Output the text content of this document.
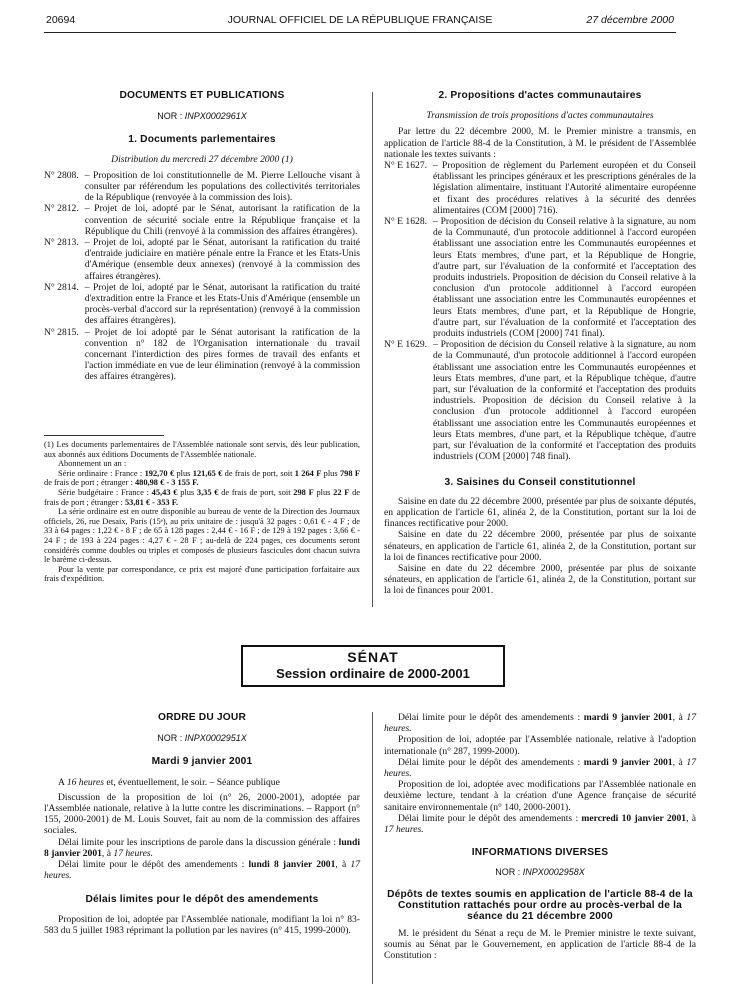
20694	JOURNAL OFFICIEL DE LA RÉPUBLIQUE FRANÇAISE	27 décembre 2000

DOCUMENTS ET PUBLICATIONS

NOR : INPX0002961X

1. Documents parlementaires

Distribution du mercredi 27 décembre 2000 (1)

N° 2808. – Proposition de loi constitutionnelle de M. Pierre Lellouche visant à consulter par référendum les populations des collectivités territoriales de la République (renvoyée à la commission des lois).
N° 2812. – Projet de loi, adopté par le Sénat, autorisant la ratification de la convention de sécurité sociale entre la République française et la République du Chili (renvoyé à la commission des affaires étrangères).
N° 2813. – Projet de loi, adopté par le Sénat, autorisant la ratification du traité d'entraide judiciaire en matière pénale entre la France et les Etats-Unis d'Amérique (ensemble deux annexes) (renvoyé à la commission des affaires étrangères).
N° 2814. – Projet de loi, adopté par le Sénat, autorisant la ratification du traité d'extradition entre la France et les Etats-Unis d'Amérique (ensemble un procès-verbal d'accord sur la représentation) (renvoyé à la commission des affaires étrangères).
N° 2815. – Projet de loi adopté par le Sénat autorisant la ratification de la convention n° 182 de l'Organisation internationale du travail concernant l'interdiction des pires formes de travail des enfants et l'action immédiate en vue de leur élimination (renvoyé à la commission des affaires étrangères).

(1) Les documents parlementaires de l'Assemblée nationale sont servis, dès leur publication, aux abonnés aux éditions Documents de l'Assemblée nationale.

Abonnement un an :

Série ordinaire : France : 192,70 € plus 121,65 € de frais de port, soit 1 264 F plus 798 F de frais de port ; étranger : 480,98 € - 3 155 F.

Série budgétaire : France : 45,43 € plus 3,35 € de frais de port, soit 298 F plus 22 F de frais de port ; étranger : 53,81 € - 353 F.

La série ordinaire est en outre disponible au bureau de vente de la Direction des Journaux officiels, 26, rue Desaix, Paris (15ᵉ), au prix unitaire de : jusqu'à 32 pages : 0,61 € - 4 F ; de 33 à 64 pages : 1,22 € - 8 F ; de 65 à 128 pages : 2,44 € - 16 F ; de 129 à 192 pages : 3,66 € - 24 F ; de 193 à 224 pages : 4,27 € - 28 F ; au-delà de 224 pages, ces documents seront considérés comme doubles ou triples et composés de plusieurs fascicules dont chacun suivra le barème ci-dessus.

Pour la vente par correspondance, ce prix est majoré d'une participation forfaitaire aux frais d'expédition.

2. Propositions d'actes communautaires

Transmission de trois propositions d'actes communautaires

Par lettre du 22 décembre 2000, M. le Premier ministre a transmis, en application de l'article 88-4 de la Constitution, à M. le président de l'Assemblée nationale les textes suivants :

N° E 1627. – Proposition de règlement du Parlement européen et du Conseil établissant les principes généraux et les prescriptions générales de la législation alimentaire, instituant l'Autorité alimentaire européenne et fixant des procédures relatives à la sécurité des denrées alimentaires (COM [2000] 716).
N° E 1628. – Proposition de décision du Conseil relative à la signature, au nom de la Communauté, d'un protocole additionnel à l'accord européen établissant une association entre les Communautés européennes et leurs Etats membres, d'une part, et la République de Hongrie, d'autre part, sur l'évaluation de la conformité et l'acceptation des produits industriels. Proposition de décision du Conseil relative à la conclusion d'un protocole additionnel à l'accord européen établissant une association entre les Communautés européennes et leurs Etats membres, d'une part, et la République de Hongrie, d'autre part, sur l'évaluation de la conformité et l'acceptation des produits industriels (COM [2000] 741 final).
N° E 1629. – Proposition de décision du Conseil relative à la signature, au nom de la Communauté, d'un protocole additionnel à l'accord européen établissant une association entre les Communautés européennes et leurs Etats membres, d'une part, et la République tchèque, d'autre part, sur l'évaluation de la conformité et l'acceptation des produits industriels. Proposition de décision du Conseil relative à la conclusion d'un protocole additionnel à l'accord européen établissant une association entre les Communautés européennes et leurs Etats membres, d'une part, et la République tchèque, d'autre part, sur l'évaluation de la conformité et l'acceptation des produits industriels (COM [2000] 748 final).

3. Saisines du Conseil constitutionnel

Saisine en date du 22 décembre 2000, présentée par plus de soixante députés, en application de l'article 61, alinéa 2, de la Constitution, portant sur la loi de finances rectificative pour 2000.

Saisine en date du 22 décembre 2000, présentée par plus de soixante sénateurs, en application de l'article 61, alinéa 2, de la Constitution, portant sur la loi de finances rectificative pour 2000.

Saisine en date du 22 décembre 2000, présentée par plus de soixante sénateurs, en application de l'article 61, alinéa 2, de la Constitution, portant sur la loi de finances pour 2001.

SÉNAT
Session ordinaire de 2000-2001

ORDRE DU JOUR

NOR : INPX0002951X

Mardi 9 janvier 2001

A 16 heures et, éventuellement, le soir. – Séance publique

Discussion de la proposition de loi (n° 26, 2000-2001), adoptée par l'Assemblée nationale, relative à la lutte contre les discriminations. – Rapport (n° 155, 2000-2001) de M. Louis Souvet, fait au nom de la commission des affaires sociales.

Délai limite pour les inscriptions de parole dans la discussion générale : lundi 8 janvier 2001, à 17 heures.

Délai limite pour le dépôt des amendements : lundi 8 janvier 2001, à 17 heures.

Délais limites pour le dépôt des amendements

Proposition de loi, adoptée par l'Assemblée nationale, modifiant la loi n° 83-583 du 5 juillet 1983 réprimant la pollution par les navires (n° 415, 1999-2000).

Délai limite pour le dépôt des amendements : mardi 9 janvier 2001, à 17 heures.

Proposition de loi, adoptée par l'Assemblée nationale, relative à l'adoption internationale (n° 287, 1999-2000).

Délai limite pour le dépôt des amendements : mardi 9 janvier 2001, à 17 heures.

Proposition de loi, adoptée avec modifications par l'Assemblée nationale en deuxième lecture, tendant à la création d'une Agence française de sécurité sanitaire environnementale (n° 140, 2000-2001).

Délai limite pour le dépôt des amendements : mercredi 10 janvier 2001, à 17 heures.

INFORMATIONS DIVERSES

NOR : INPX0002958X

Dépôts de textes soumis en application de l'article 88-4 de la Constitution rattachés pour ordre au procès-verbal de la séance du 21 décembre 2000

M. le président du Sénat a reçu de M. le Premier ministre le texte suivant, soumis au Sénat par le Gouvernement, en application de l'article 88-4 de la Constitution :
